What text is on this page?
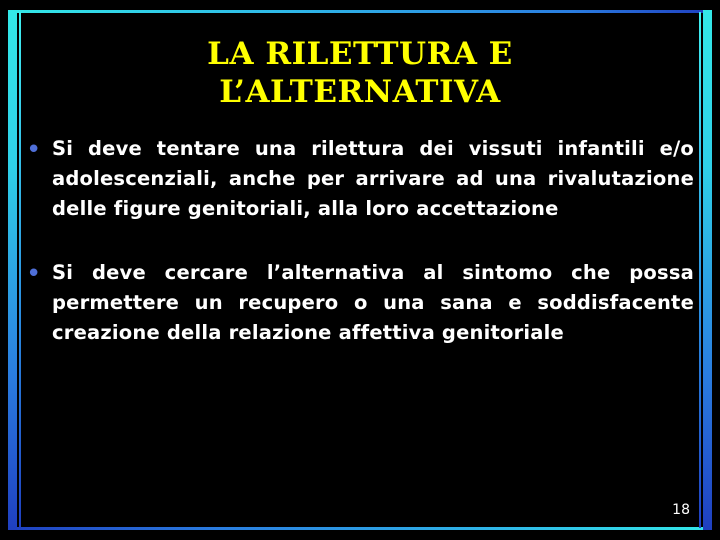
LA RILETTURA E
L’ALTERNATIVA
• Si deve tentare una rilettura dei vissuti infantili e/o adolescenziali, anche per arrivare ad una rivalutazione delle figure genitoriali, alla loro accettazione
• Si deve cercare l’alternativa al sintomo che possa permettere un recupero o una sana e soddisfacente creazione della relazione affettiva genitoriale
18
